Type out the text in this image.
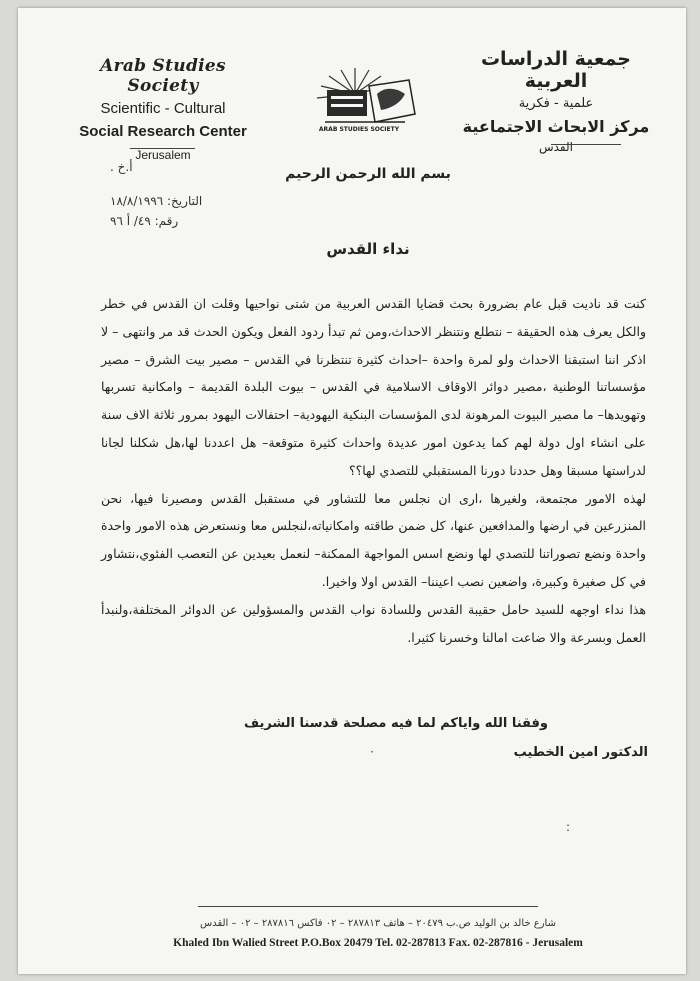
Arab Studies Society
Scientific - Cultural
Social Research Center
Jerusalem
ARAB STUDIES SOCIETY
جمعية الدراسات العربية
علمية - فكرية
مركز الابحاث الاجتماعية
القدس
أ.خ .
التاريخ: ١٨/٨/١٩٩٦
رقم: ٤٩/ أ ٩٦
بسم الله الرحمن الرحيم
نداء القدس

كنت قد ناديت قبل عام بضرورة بحث قضايا القدس العربية من شتى نواحيها وقلت ان القدس في خطر والكل يعرف هذه الحقيقة – نتطلع ونتنظر الاحداث،ومن ثم تبدأ ردود الفعل ويكون الحدث قد مر وانتهى – لا اذكر اننا استبقنا الاحداث ولو لمرة واحدة –احداث كثيرة تنتظرنا في القدس – مصير بيت الشرق – مصير مؤسساتنا الوطنية ،مصير دوائر الاوقاف الاسلامية في القدس – بيوت البلدة القديمة – وامكانية تسربها وتهويدها– ما مصير البيوت المرهونة لدى المؤسسات البنكية اليهودية– احتفالات اليهود بمرور ثلاثة الاف سنة على انشاء اول دولة لهم كما يدعون امور عديدة واحداث كثيرة متوقعة– هل اعددنا لها،هل شكلنا لجانا لدراستها مسبقا وهل حددنا دورنا المستقبلي للتصدي لها؟؟

لهذه الامور مجتمعة، ولغيرها ،ارى ان نجلس معا للتشاور في مستقبل القدس ومصيرنا فيها، نحن المنزرعين في ارضها والمدافعين عنها، كل ضمن طاقته وامكانياته،لنجلس معا ونستعرض هذه الامور واحدة واحدة ونضع تصوراتنا للتصدي لها ونضع اسس المواجهة الممكنة– لنعمل بعيدين عن التعصب الفئوي،نتشاور في كل صغيرة وكبيرة، واضعين نصب اعيننا– القدس اولا واخيرا.

هذا نداء اوجهه للسيد حامل حقيبة القدس وللسادة نواب القدس والمسؤولين عن الدوائر المختلفة،ولنبدأ العمل وبسرعة والا ضاعت امالنا وخسرنا كثيرا.

وفقنا الله واياكم لما فيه مصلحة قدسنا الشريف
الدكتور امين الخطيب
·
:
شارع خالد بن الوليد ص.ب ٢٠٤٧٩ – هاتف ٢٨٧٨١٣ – ٠٢ فاكس ٢٨٧٨١٦ – ٠٢ – القدس
Khaled Ibn Walied Street P.O.Box 20479 Tel. 02-287813 Fax. 02-287816 - Jerusalem
